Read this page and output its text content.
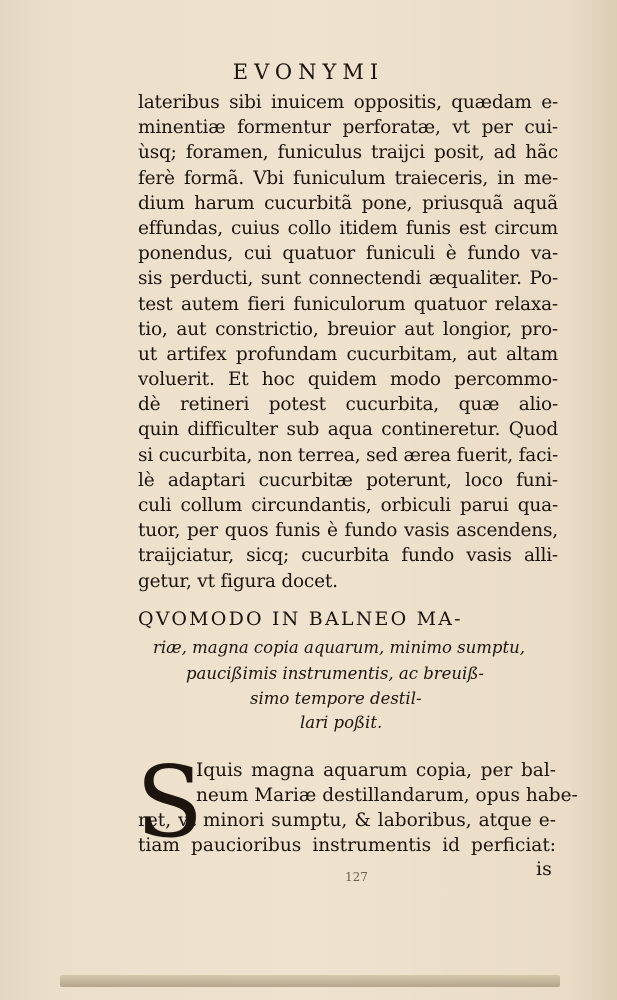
EVONYMI
lateribus sibi inuicem oppositis, quædam e-
minentiæ formentur perforatæ, vt per cui-
ùsq; foramen, funiculus traijci posit, ad hãc
ferè formã. Vbi funiculum traieceris, in me-
dium harum cucurbitã pone, priusquã aquã
effundas, cuius collo itidem funis est circum
ponendus, cui quatuor funiculi è fundo va-
sis perducti, sunt connectendi æqualiter. Po-
test autem fieri funiculorum quatuor relaxa-
tio, aut constrictio, breuior aut longior, pro-
ut artifex profundam cucurbitam, aut altam
voluerit. Et hoc quidem modo percommo-
dè retineri potest cucurbita, quæ alio-
quin difficulter sub aqua contineretur. Quod
si cucurbita, non terrea, sed ærea fuerit, faci-
lè adaptari cucurbitæ poterunt, loco funi-
culi collum circundantis, orbiculi parui qua-
tuor, per quos funis è fundo vasis ascendens,
traijciatur, sicq; cucurbita fundo vasis alli-
getur, vt figura docet.
QVOMODO IN BALNEO MA-
riæ, magna copia aquarum, minimo sumptu,
paucißimis instrumentis, ac breuiß-
simo tempore destil-
lari poßit.
S
Iquis magna aquarum copia, per bal-
neum Mariæ destillandarum, opus habe-
ret, vt minori sumptu, & laboribus, atque e-
tiam paucioribus instrumentis id perficiat:
127	is
